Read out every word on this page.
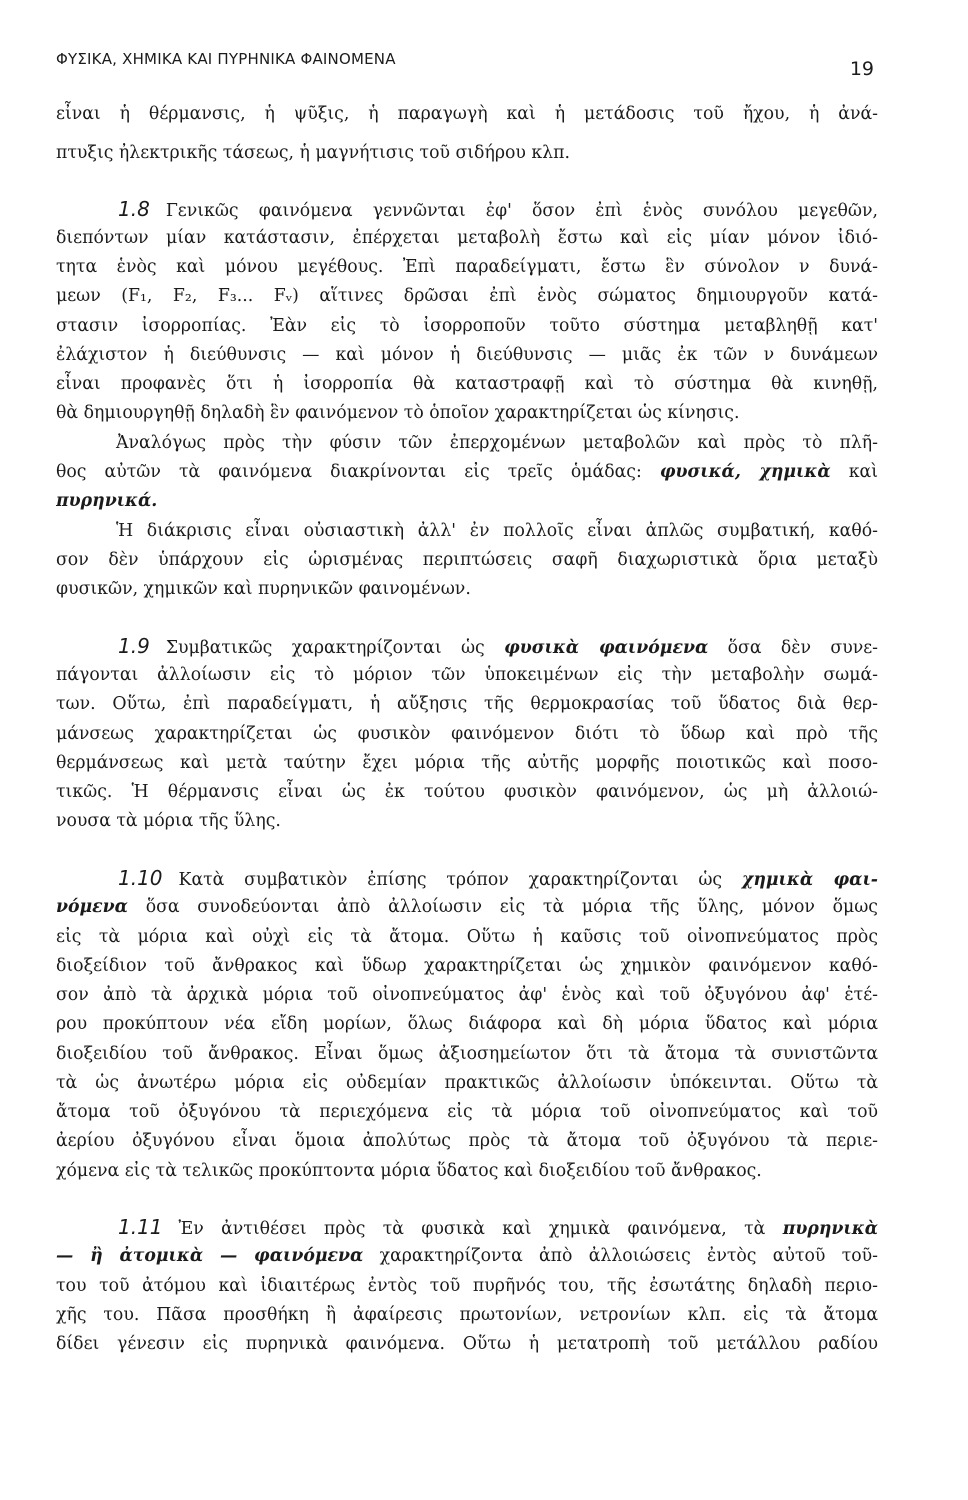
ΦΥΣΙΚΑ, ΧΗΜΙΚΑ ΚΑΙ ΠΥΡΗΝΙΚΑ ΦΑΙΝΟΜΕΝΑ	19
εἶναι ἡ θέρμανσις, ἡ ψῦξις, ἡ παραγωγὴ καὶ ἡ μετάδοσις τοῦ ἤχου, ἡ ἀνά-
πτυξις ἠλεκτρικῆς τάσεως, ἡ μαγνήτισις τοῦ σιδήρου κλπ.
1.8 Γενικῶς φαινόμενα γεννῶνται ἐφ' ὅσον ἐπὶ ἑνὸς συνόλου μεγεθῶν,
διεπόντων μίαν κατάστασιν, ἐπέρχεται μεταβολὴ ἔστω καὶ εἰς μίαν μόνον ἰδιό-
τητα ἑνὸς καὶ μόνου μεγέθους. Ἐπὶ παραδείγματι, ἔστω ἓν σύνολον ν δυνά-
μεων (F₁, F₂, F₃... Fᵥ) αἵτινες δρῶσαι ἐπὶ ἑνὸς σώματος δημιουργοῦν κατά-
στασιν ἰσορροπίας. Ἐὰν εἰς τὸ ἰσορροποῦν τοῦτο σύστημα μεταβληθῇ κατ'
ἐλάχιστον ἡ διεύθυνσις — καὶ μόνον ἡ διεύθυνσις — μιᾶς ἐκ τῶν ν δυνάμεων
εἶναι προφανὲς ὅτι ἡ ἰσορροπία θὰ καταστραφῇ καὶ τὸ σύστημα θὰ κινηθῇ,
θὰ δημιουργηθῇ δηλαδὴ ἓν φαινόμενον τὸ ὁποῖον χαρακτηρίζεται ὡς κίνησις.
Ἀναλόγως πρὸς τὴν φύσιν τῶν ἐπερχομένων μεταβολῶν καὶ πρὸς τὸ πλῆ-
θος αὐτῶν τὰ φαινόμενα διακρίνονται εἰς τρεῖς ὁμάδας: φυσικά, χημικὰ καὶ
πυρηνικά.
Ἡ διάκρισις εἶναι οὐσιαστικὴ ἀλλ' ἐν πολλοῖς εἶναι ἁπλῶς συμβατική, καθό-
σον δὲν ὑπάρχουν εἰς ὡρισμένας περιπτώσεις σαφῆ διαχωριστικὰ ὅρια μεταξὺ
φυσικῶν, χημικῶν καὶ πυρηνικῶν φαινομένων.
1.9 Συμβατικῶς χαρακτηρίζονται ὡς φυσικὰ φαινόμενα ὅσα δὲν συνε-
πάγονται ἀλλοίωσιν εἰς τὸ μόριον τῶν ὑποκειμένων εἰς τὴν μεταβολὴν σωμά-
των. Οὕτω, ἐπὶ παραδείγματι, ἡ αὔξησις τῆς θερμοκρασίας τοῦ ὕδατος διὰ θερ-
μάνσεως χαρακτηρίζεται ὡς φυσικὸν φαινόμενον διότι τὸ ὕδωρ καὶ πρὸ τῆς
θερμάνσεως καὶ μετὰ ταύτην ἔχει μόρια τῆς αὐτῆς μορφῆς ποιοτικῶς καὶ ποσο-
τικῶς. Ἡ θέρμανσις εἶναι ὡς ἐκ τούτου φυσικὸν φαινόμενον, ὡς μὴ ἀλλοιώ-
νουσα τὰ μόρια τῆς ὕλης.
1.10 Κατὰ συμβατικὸν ἐπίσης τρόπον χαρακτηρίζονται ὡς χημικὰ φαι-
νόμενα ὅσα συνοδεύονται ἀπὸ ἀλλοίωσιν εἰς τὰ μόρια τῆς ὕλης, μόνον ὅμως
εἰς τὰ μόρια καὶ οὐχὶ εἰς τὰ ἄτομα. Οὕτω ἡ καῦσις τοῦ οἰνοπνεύματος πρὸς
διοξείδιον τοῦ ἄνθρακος καὶ ὕδωρ χαρακτηρίζεται ὡς χημικὸν φαινόμενον καθό-
σον ἀπὸ τὰ ἀρχικὰ μόρια τοῦ οἰνοπνεύματος ἀφ' ἑνὸς καὶ τοῦ ὀξυγόνου ἀφ' ἑτέ-
ρου προκύπτουν νέα εἴδη μορίων, ὅλως διάφορα καὶ δὴ μόρια ὕδατος καὶ μόρια
διοξειδίου τοῦ ἄνθρακος. Εἶναι ὅμως ἀξιοσημείωτον ὅτι τὰ ἄτομα τὰ συνιστῶντα
τὰ ὡς ἀνωτέρω μόρια εἰς οὐδεμίαν πρακτικῶς ἀλλοίωσιν ὑπόκεινται. Οὕτω τὰ
ἄτομα τοῦ ὀξυγόνου τὰ περιεχόμενα εἰς τὰ μόρια τοῦ οἰνοπνεύματος καὶ τοῦ
ἀερίου ὀξυγόνου εἶναι ὅμοια ἀπολύτως πρὸς τὰ ἄτομα τοῦ ὀξυγόνου τὰ περιε-
χόμενα εἰς τὰ τελικῶς προκύπτοντα μόρια ὕδατος καὶ διοξειδίου τοῦ ἄνθρακος.
1.11 Ἐν ἀντιθέσει πρὸς τὰ φυσικὰ καὶ χημικὰ φαινόμενα, τὰ πυρηνικὰ
— ἢ ἀτομικὰ — φαινόμενα χαρακτηρίζοντα ἀπὸ ἀλλοιώσεις ἐντὸς αὐτοῦ τοῦ-
του τοῦ ἀτόμου καὶ ἰδιαιτέρως ἐντὸς τοῦ πυρῆνός του, τῆς ἐσωτάτης δηλαδὴ περιο-
χῆς του. Πᾶσα προσθήκη ἢ ἀφαίρεσις πρωτονίων, νετρονίων κλπ. εἰς τὰ ἄτομα
δίδει γένεσιν εἰς πυρηνικὰ φαινόμενα. Οὕτω ἡ μετατροπὴ τοῦ μετάλλου ραδίου
